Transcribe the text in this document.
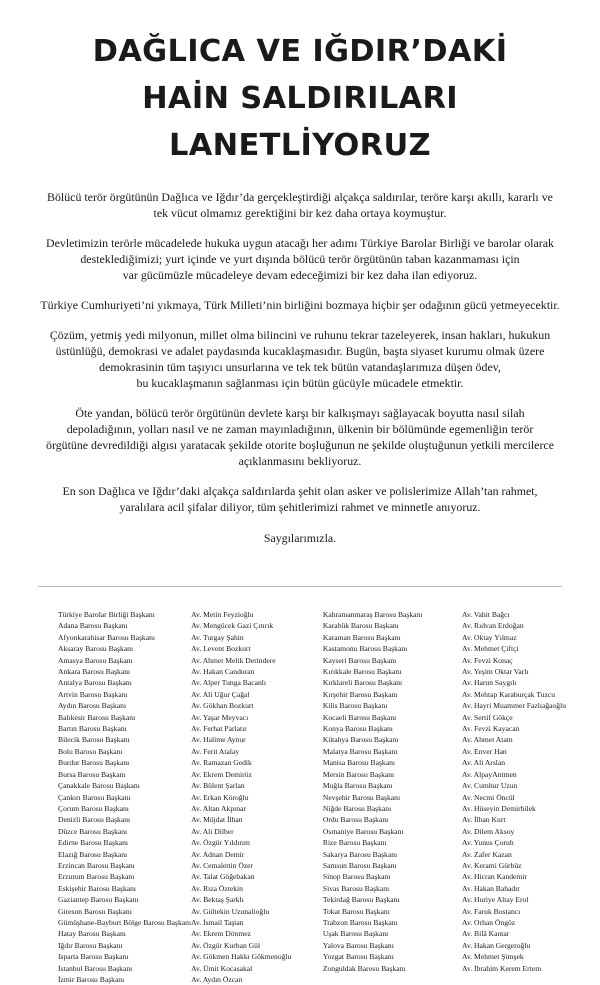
DAĞLICA VE IĞDIR’DAKİ
HAİN SALDIRILARI LANETLİYORUZ

Bölücü terör örgütünün Dağlıca ve Iğdır’da gerçekleştirdiği alçakça saldırılar, teröre karşı akıllı, kararlı ve
tek vücut olmamız gerektiğini bir kez daha ortaya koymuştur.

Devletimizin terörle mücadelede hukuka uygun atacağı her adımı Türkiye Barolar Birliği ve barolar olarak
desteklediğimizi; yurt içinde ve yurt dışında bölücü terör örgütünün taban kazanmaması için
var gücümüzle mücadeleye devam edeceğimizi bir kez daha ilan ediyoruz.

Türkiye Cumhuriyeti’ni yıkmaya, Türk Milleti’nin birliğini bozmaya hiçbir şer odağının gücü yetmeyecektir.

Çözüm, yetmiş yedi milyonun, millet olma bilincini ve ruhunu tekrar tazeleyerek, insan hakları, hukukun
üstünlüğü, demokrasi ve adalet paydasında kucaklaşmasıdır. Bugün, başta siyaset kurumu olmak üzere
demokrasinin tüm taşıyıcı unsurlarına ve tek tek bütün vatandaşlarımıza düşen ödev,
bu kucaklaşmanın sağlanması için bütün gücüyle mücadele etmektir.

Öte yandan, bölücü terör örgütünün devlete karşı bir kalkışmayı sağlayacak boyutta nasıl silah
depoladığının, yolları nasıl ve ne zaman mayınladığının, ülkenin bir bölümünde egemenliğin terör
örgütüne devredildiği algısı yaratacak şekilde otorite boşluğunun ne şekilde oluştuğunun yetkili mercilerce
açıklanmasını bekliyoruz.

En son Dağlıca ve Iğdır’daki alçakça saldırılarda şehit olan asker ve polislerimize Allah’tan rahmet,
yaralılara acil şifalar diliyor, tüm şehitlerimizi rahmet ve minnetle anıyoruz.

Saygılarımızla.
Türkiye Barolar Birliği Başkanı
Adana Barosu Başkanı
Afyonkarahisar Barosu Başkanı
Aksaray Barosu Başkanı
Amasya Barosu Başkanı
Ankara Barosu Başkanı
Antalya Barosu Başkanı
Artvin Barosu Başkanı
Aydın Barosu Başkanı
Balıkesir Barosu Başkanı
Bartın Barosu Başkanı
Bilecik Barosu Başkanı
Bolu Barosu Başkanı
Burdur Barosu Başkanı
Bursa Barosu Başkanı
Çanakkale Barosu Başkanı
Çankırı Barosu Başkanı
Çorum Barosu Başkanı
Denizli Barosu Başkanı
Düzce Barosu Başkanı
Edirne Barosu Başkanı
Elazığ Barosu Başkanı
Erzincan Barosu Başkanı
Erzurum Barosu Başkanı
Eskişehir Barosu Başkanı
Gaziantep Barosu Başkanı
Giresun Barosu Başkanı
Gümüşhane-Bayburt Bölge Barosu Başkanı
Hatay Barosu Başkanı
Iğdır Barosu Başkanı
Isparta Barosu Başkanı
İstanbul Barosu Başkanı
İzmir Barosu Başkanı
Av. Metin Feyzioğlu
Av. Mengücek Gazi Çıtırık
Av. Turgay Şahin
Av. Levent Bozkurt
Av. Ahmet Melik Derindere
Av. Hakan Canduran
Av. Alper Tunga Bacanlı
Av. Ali Uğur Çağal
Av. Gökhan Bozkurt
Av. Yaşar Meyvacı
Av. Ferhat Parlatır
Av. Halime Aynur
Av. Ferit Atalay
Av. Ramazan Gedik
Av. Ekrem Demiröz
Av. Bülent Şarlan
Av. Erkan Köroğlu
Av. Altan Akpınar
Av. Müjdat İlhan
Av. Ali Dilber
Av. Özgür Yıldırım
Av. Adnan Demir
Av. Cemalettin Özer
Av. Talat Göğebakan
Av. Rıza Öztekin
Av. Bektaş Şarklı
Av. Gültekin Uzunalioğlu
Av. İsmail Taştan
Av. Ekrem Dönmez
Av. Özgür Kurban Gül
Av. Gökmen Hakkı Gökmenoğlu
Av. Ümit Kocasakal
Av. Aydın Özcan
Kahramanmaraş Barosu Başkanı
Karabük Barosu Başkanı
Karaman Barosu Başkanı
Kastamonu Barosu Başkanı
Kayseri Barosu Başkanı
Kırıkkale Barosu Başkanı
Kırklareli Barosu Başkanı
Kırşehir Barosu Başkanı
Kilis Barosu Başkanı
Kocaeli Barosu Başkanı
Konya Barosu Başkanı
Kütahya Barosu Başkanı
Malatya Barosu Başkanı
Manisa Barosu Başkanı
Mersin Barosu Başkanı
Muğla Barosu Başkanı
Nevşehir Barosu Başkanı
Niğde Barosu Başkanı
Ordu Barosu Başkanı
Osmaniye Barosu Başkanı
Rize Barosu Başkanı
Sakarya Barosu Başkanı
Samsun Barosu Başkanı
Sinop Barosu Başkanı
Sivas Barosu Başkanı
Tekirdağ Barosu Başkanı
Tokat Barosu Başkanı
Trabzon Barosu Başkanı
Uşak Barosu Başkanı
Yalova Barosu Başkanı
Yozgat Barosu Başkanı
Zonguldak Barosu Başkanı
Av. Vahit Bağcı
Av. Rıdvan Erdoğan
Av. Oktay Yılmaz
Av. Mehmet Çiftçi
Av. Fevzi Konaç
Av. Yeşim Oktar Varlı
Av. Harun Saygılı
Av. Mehtap Karaburçak Tuzcu
Av. Hayri Muammer Fazlıağaoğlu
Av. Sertif Gökçe
Av. Fevzi Kayacan
Av. Ahmet Atam
Av. Enver Han
Av. Ali Arslan
Av. AlpayAntmen
Av. Cumhur Uzun
Av. Necmi Öncül
Av. Hüseyin Demirbilek
Av. İlhan Kurt
Av. Dilem Aksoy
Av. Yunus Çoruh
Av. Zafer Kazan
Av. Kerami Gürbüz
Av. Hicran Kandemir
Av. Hakan Bahadır
Av. Huriye Altay Erol
Av. Faruk Bostancı
Av. Orhan Öngöz
Av. Bilâ Kantar
Av. Hakan Gergeroğlu
Av. Mehmet Şimşek
Av. İbrahim Kerem Ertem
